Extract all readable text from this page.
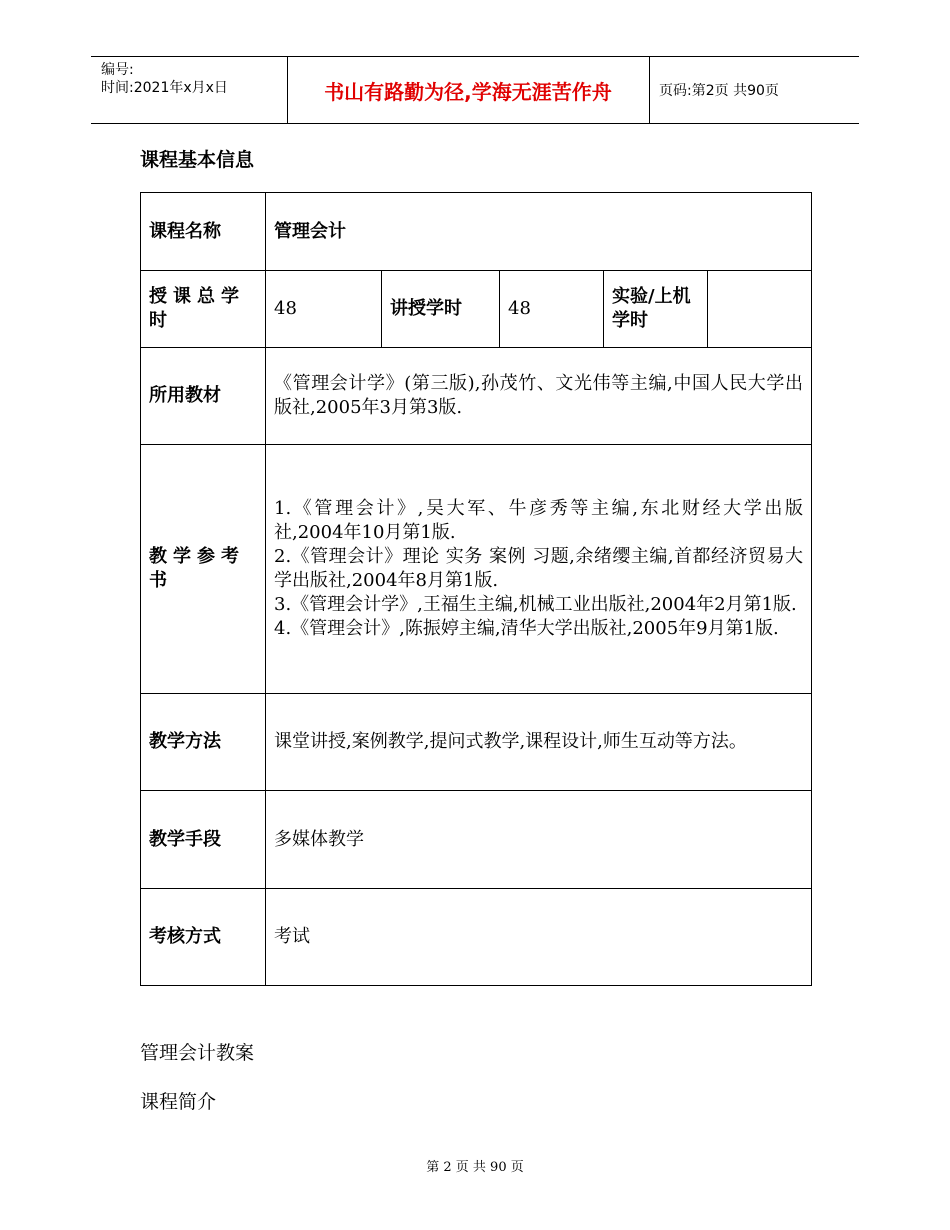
编号:
时间:2021年x月x日	书山有路勤为径,学海无涯苦作舟	页码:第2页 共90页
课程基本信息
课程名称	管理会计				
授课总学时	48	讲授学时	48	实验/上机学时	
所用教材	《管理会计学》(第三版),孙茂竹、文光伟等主编,中国人民大学出版社,2005年3月第3版.				
教学参考书	1.《管理会计》,吴大军、牛彦秀等主编,东北财经大学出版社,2004年10月第1版.
2.《管理会计》理论 实务 案例 习题,余绪缨主编,首都经济贸易大学出版社,2004年8月第1版.
3.《管理会计学》,王福生主编,机械工业出版社,2004年2月第1版.
4.《管理会计》,陈振婷主编,清华大学出版社,2005年9月第1版.				

教学方法	课堂讲授,案例教学,提问式教学,课程设计,师生互动等方法。				
教学手段	多媒体教学				
考核方式	考试				
管理会计教案
课程简介
第 2 页 共 90 页
